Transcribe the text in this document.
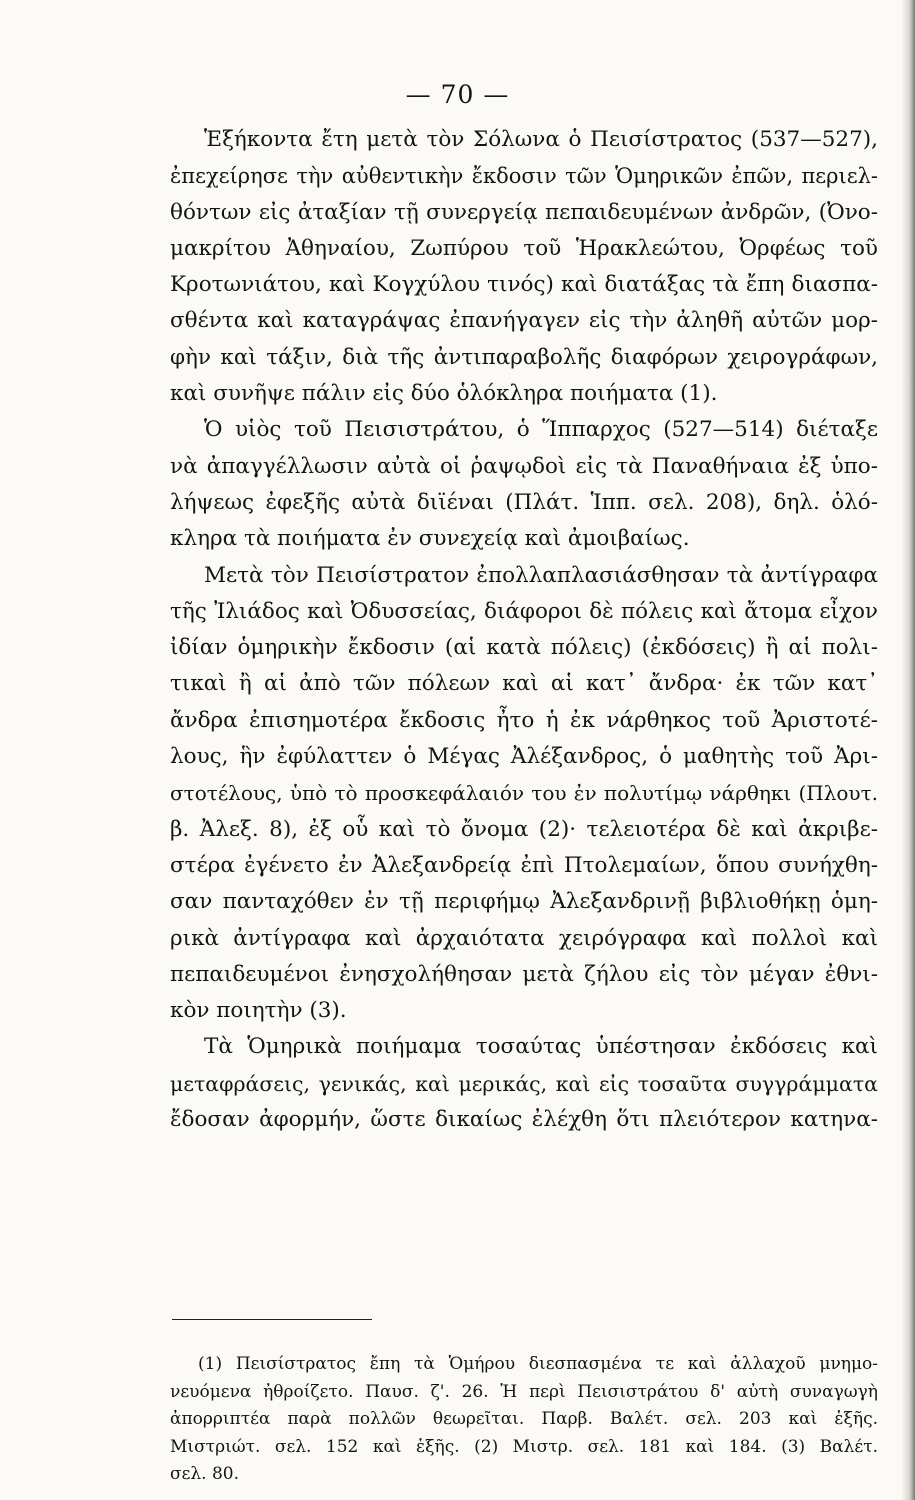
— 70 —
Ἑξήκοντα ἔτη μετὰ τὸν Σόλωνα ὁ Πεισίστρατος (537—527),
ἐπεχείρησε τὴν αὐθεντικὴν ἔκδοσιν τῶν Ὁμηρικῶν ἐπῶν, περιελ-
θόντων εἰς ἀταξίαν τῇ συνεργείᾳ πεπαιδευμένων ἀνδρῶν, (Ὀνο-
μακρίτου Ἀθηναίου, Ζωπύρου τοῦ Ἡρακλεώτου, Ὀρφέως τοῦ
Κροτωνιάτου, καὶ Κογχύλου τινός) καὶ διατάξας τὰ ἔπη διασπα-
σθέντα καὶ καταγράψας ἐπανήγαγεν εἰς τὴν ἀληθῆ αὐτῶν μορ-
φὴν καὶ τάξιν, διὰ τῆς ἀντιπαραβολῆς διαφόρων χειρογράφων,
καὶ συνῆψε πάλιν εἰς δύο ὁλόκληρα ποιήματα (1).
Ὁ υἱὸς τοῦ Πεισιστράτου, ὁ Ἵππαρχος (527—514) διέταξε
νὰ ἀπαγγέλλωσιν αὐτὰ οἱ ῥαψῳδοὶ εἰς τὰ Παναθήναια ἐξ ὑπο-
λήψεως ἐφεξῆς αὐτὰ διϊέναι (Πλάτ. Ἱππ. σελ. 208), δηλ. ὁλό-
κληρα τὰ ποιήματα ἐν συνεχείᾳ καὶ ἀμοιβαίως.
Μετὰ τὸν Πεισίστρατον ἐπολλαπλασιάσθησαν τὰ ἀντίγραφα
τῆς Ἰλιάδος καὶ Ὀδυσσείας, διάφοροι δὲ πόλεις καὶ ἄτομα εἶχον
ἰδίαν ὁμηρικὴν ἔκδοσιν (αἱ κατὰ πόλεις) (ἐκδόσεις) ἢ αἱ πολι-
τικαὶ ἢ αἱ ἀπὸ τῶν πόλεων καὶ αἱ κατ᾽ ἄνδρα· ἐκ τῶν κατ᾽
ἄνδρα ἐπισημοτέρα ἔκδοσις ἦτο ἡ ἐκ νάρθηκος τοῦ Ἀριστοτέ-
λους, ἣν ἐφύλαττεν ὁ Μέγας Ἀλέξανδρος, ὁ μαθητὴς τοῦ Ἀρι-
στοτέλους, ὑπὸ τὸ προσκεφάλαιόν του ἐν πολυτίμῳ νάρθηκι (Πλουτ.
β. Ἀλεξ. 8), ἐξ οὗ καὶ τὸ ὄνομα (2)· τελειοτέρα δὲ καὶ ἀκριβε-
στέρα ἐγένετο ἐν Ἀλεξανδρείᾳ ἐπὶ Πτολεμαίων, ὅπου συνήχθη-
σαν πανταχόθεν ἐν τῇ περιφήμῳ Ἀλεξανδρινῇ βιβλιοθήκῃ ὁμη-
ρικὰ ἀντίγραφα καὶ ἀρχαιότατα χειρόγραφα καὶ πολλοὶ καὶ
πεπαιδευμένοι ἐνησχολήθησαν μετὰ ζήλου εἰς τὸν μέγαν ἐθνι-
κὸν ποιητὴν (3).
Τὰ Ὁμηρικὰ ποιήμαμα τοσαύτας ὑπέστησαν ἐκδόσεις καὶ
μεταφράσεις, γενικάς, καὶ μερικάς, καὶ εἰς τοσαῦτα συγγράμματα
ἔδοσαν ἀφορμήν, ὥστε δικαίως ἐλέχθη ὅτι πλειότερον κατηνα-
(1) Πεισίστρατος ἔπη τὰ Ὁμήρου διεσπασμένα τε καὶ ἀλλαχοῦ μνημο-
νευόμενα ἠθροίζετο. Παυσ. ζ'. 26. Ἡ περὶ Πεισιστράτου δ' αὐτὴ συναγωγὴ
ἀπορριπτέα παρὰ πολλῶν θεωρεῖται. Παρβ. Βαλέτ. σελ. 203 καὶ ἑξῆς.
Μιστριώτ. σελ. 152 καὶ ἑξῆς. (2) Μιστρ. σελ. 181 καὶ 184. (3) Βαλέτ.
σελ. 80.
